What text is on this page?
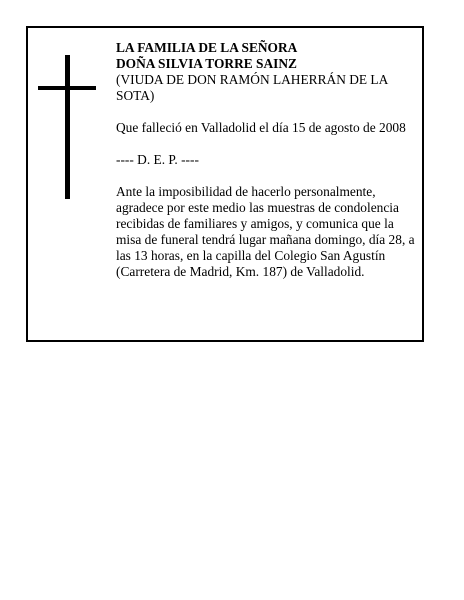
LA FAMILIA DE LA SEÑORA

DOÑA SILVIA TORRE SAINZ

(VIUDA DE DON RAMÓN LAHERRÁN DE LA SOTA)

Que falleció en Valladolid el día 15 de agosto de 2008

---- D. E. P. ----

Ante la imposibilidad de hacerlo personalmente, agradece por este medio las muestras de condolencia recibidas de familiares y amigos, y comunica que la misa de funeral tendrá lugar mañana domingo, día 28, a las 13 horas, en la capilla del Colegio San Agustín (Carretera de Madrid, Km. 187) de Valladolid.
